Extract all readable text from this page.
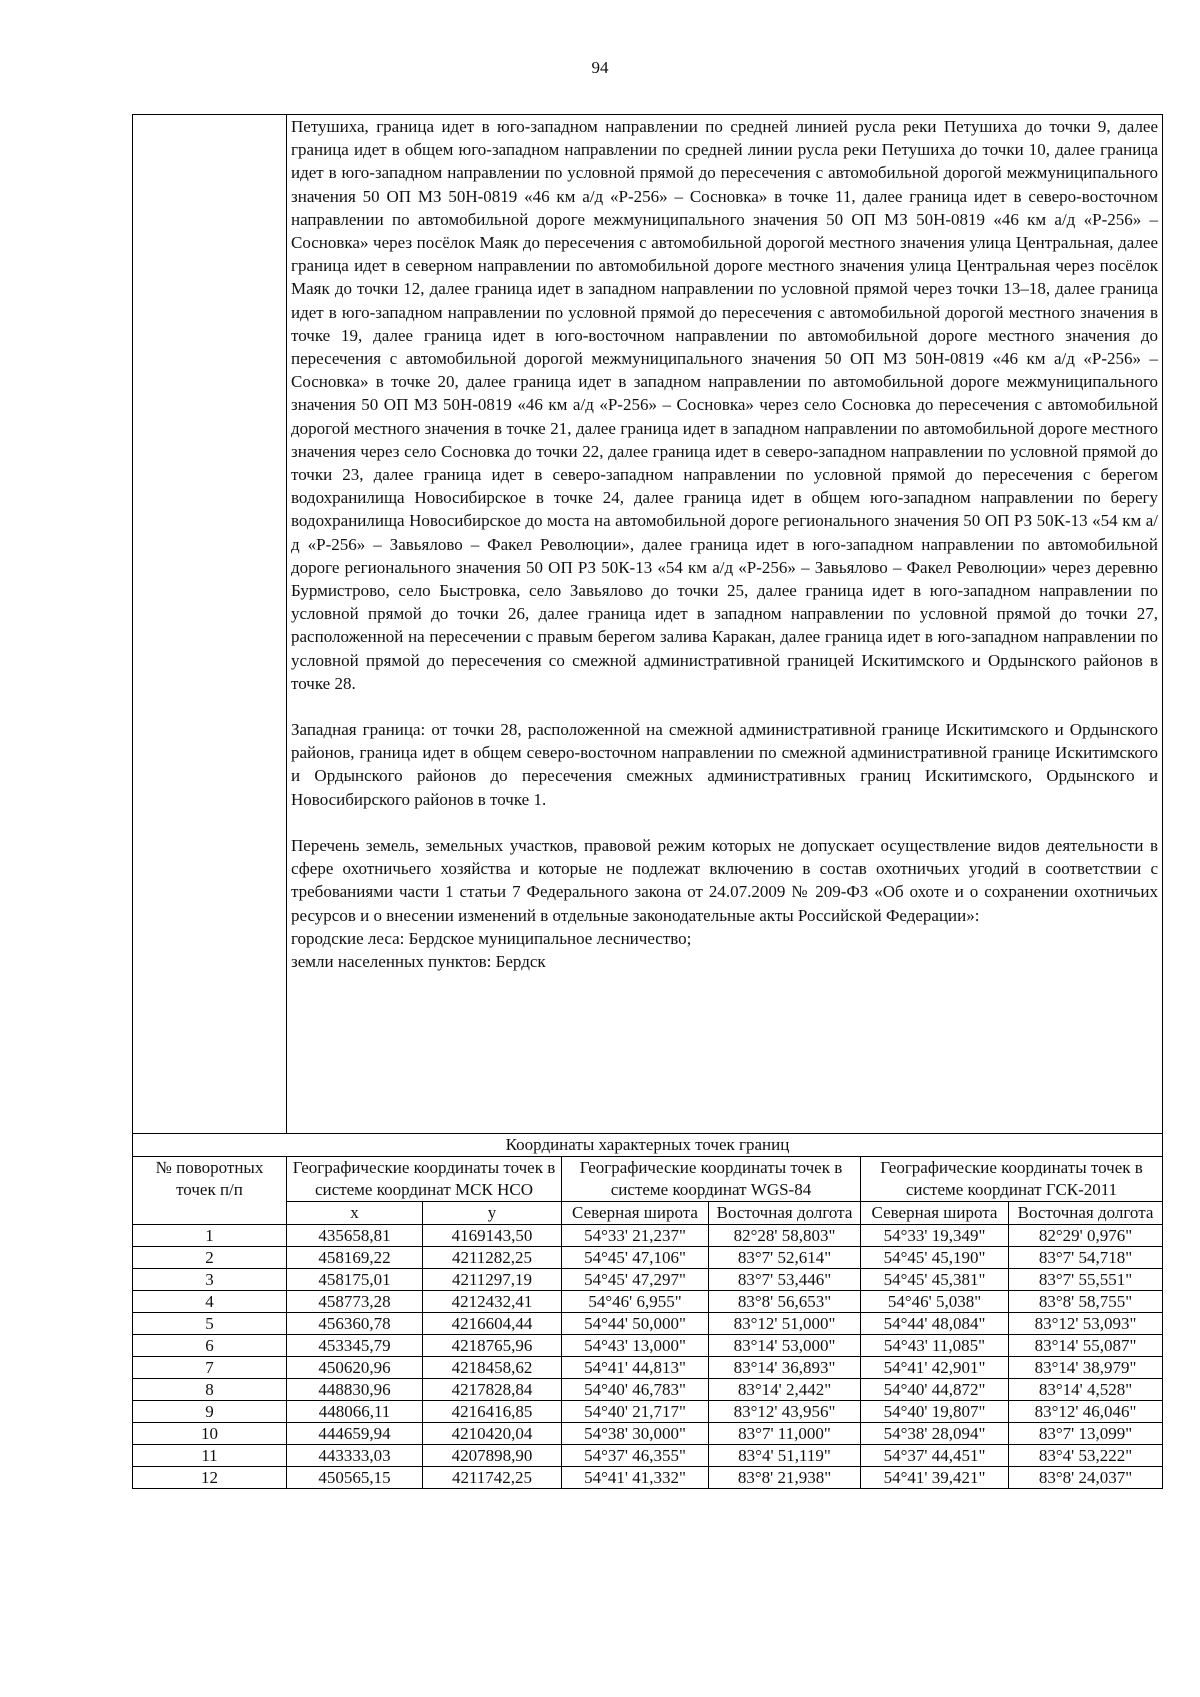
94

	Петушиха, граница идет в юго-западном направлении по средней линией русла реки Петушиха до точки 9, далее граница идет в общем юго-западном направлении по средней линии русла реки Петушиха до точки 10, далее граница идет в юго-западном направлении по условной прямой до пересечения с автомобильной дорогой межмуниципального значения 50 ОП МЗ 50Н-0819 «46 км а/д «Р-256» – Сосновка» в точке 11, далее граница идет в северо-восточном направлении по автомобильной дороге межмуниципального значения 50 ОП МЗ 50Н-0819 «46 км а/д «Р-256» – Сосновка» через посёлок Маяк до пересечения с автомобильной дорогой местного значения улица Центральная, далее граница идет в северном направлении по автомобильной дороге местного значения улица Центральная через посёлок Маяк до точки 12, далее граница идет в западном направлении по условной прямой через точки 13–18, далее граница идет в юго-западном направлении по условной прямой до пересечения с автомобильной дорогой местного значения в точке 19, далее граница идет в юго-восточном направлении по автомобильной дороге местного значения до пересечения с автомобильной дорогой межмуниципального значения 50 ОП МЗ 50Н-0819 «46 км а/д «Р-256» – Сосновка» в точке 20, далее граница идет в западном направлении по автомобильной дороге межмуниципального значения 50 ОП МЗ 50Н-0819 «46 км а/д «Р-256» – Сосновка» через село Сосновка до пересечения с автомобильной дорогой местного значения в точке 21, далее граница идет в западном направлении по автомобильной дороге местного значения через село Сосновка до точки 22, далее граница идет в северо-западном направлении по условной прямой до точки 23, далее граница идет в северо-западном направлении по условной прямой до пересечения с берегом водохранилища Новосибирское в точке 24, далее граница идет в общем юго-западном направлении по берегу водохранилища Новосибирское до моста на автомобильной дороге регионального значения 50 ОП РЗ 50К-13 «54 км а/д «Р-256» – Завьялово – Факел Революции», далее граница идет в юго-западном направлении по автомобильной дороге регионального значения 50 ОП РЗ 50К-13 «54 км а/д «Р-256» – Завьялово – Факел Революции» через деревню Бурмистрово, село Быстровка, село Завьялово до точки 25, далее граница идет в юго-западном направлении по условной прямой до точки 26, далее граница идет в западном направлении по условной прямой до точки 27, расположенной на пересечении с правым берегом залива Каракан, далее граница идет в юго-западном направлении по условной прямой до пересечения со смежной административной границей Искитимского и Ордынского районов в точке 28.

Западная граница: от точки 28, расположенной на смежной административной границе Искитимского и Ордынского районов, граница идет в общем северо-восточном направлении по смежной административной границе Искитимского и Ордынского районов до пересечения смежных административных границ Искитимского, Ордынского и Новосибирского районов в точке 1.

Перечень земель, земельных участков, правовой режим которых не допускает осуществление видов деятельности в сфере охотничьего хозяйства и которые не подлежат включению в состав охотничьих угодий в соответствии с требованиями части 1 статьи 7 Федерального закона от 24.07.2009 № 209-ФЗ «Об охоте и о сохранении охотничьих ресурсов и о внесении изменений в отдельные законодательные акты Российской Федерации»:

городские леса: Бердское муниципальное лесничество;

земли населенных пунктов: Бердск					

Координаты характерных точек границ						
№ поворотных точек п/п	Географические координаты точек в системе координат МСК НСО		Географические координаты точек в системе координат WGS-84		Географические координаты точек в системе координат ГСК-2011	
	х	у	Северная широта	Восточная долгота	Северная широта	Восточная долгота
1	435658,81	4169143,50	54°33' 21,237"	82°28' 58,803"	54°33' 19,349"	82°29' 0,976"
2	458169,22	4211282,25	54°45' 47,106"	83°7' 52,614"	54°45' 45,190"	83°7' 54,718"
3	458175,01	4211297,19	54°45' 47,297"	83°7' 53,446"	54°45' 45,381"	83°7' 55,551"
4	458773,28	4212432,41	54°46' 6,955"	83°8' 56,653"	54°46' 5,038"	83°8' 58,755"
5	456360,78	4216604,44	54°44' 50,000"	83°12' 51,000"	54°44' 48,084"	83°12' 53,093"
6	453345,79	4218765,96	54°43' 13,000"	83°14' 53,000"	54°43' 11,085"	83°14' 55,087"
7	450620,96	4218458,62	54°41' 44,813"	83°14' 36,893"	54°41' 42,901"	83°14' 38,979"
8	448830,96	4217828,84	54°40' 46,783"	83°14' 2,442"	54°40' 44,872"	83°14' 4,528"
9	448066,11	4216416,85	54°40' 21,717"	83°12' 43,956"	54°40' 19,807"	83°12' 46,046"
10	444659,94	4210420,04	54°38' 30,000"	83°7' 11,000"	54°38' 28,094"	83°7' 13,099"
11	443333,03	4207898,90	54°37' 46,355"	83°4' 51,119"	54°37' 44,451"	83°4' 53,222"
12	450565,15	4211742,25	54°41' 41,332"	83°8' 21,938"	54°41' 39,421"	83°8' 24,037"
